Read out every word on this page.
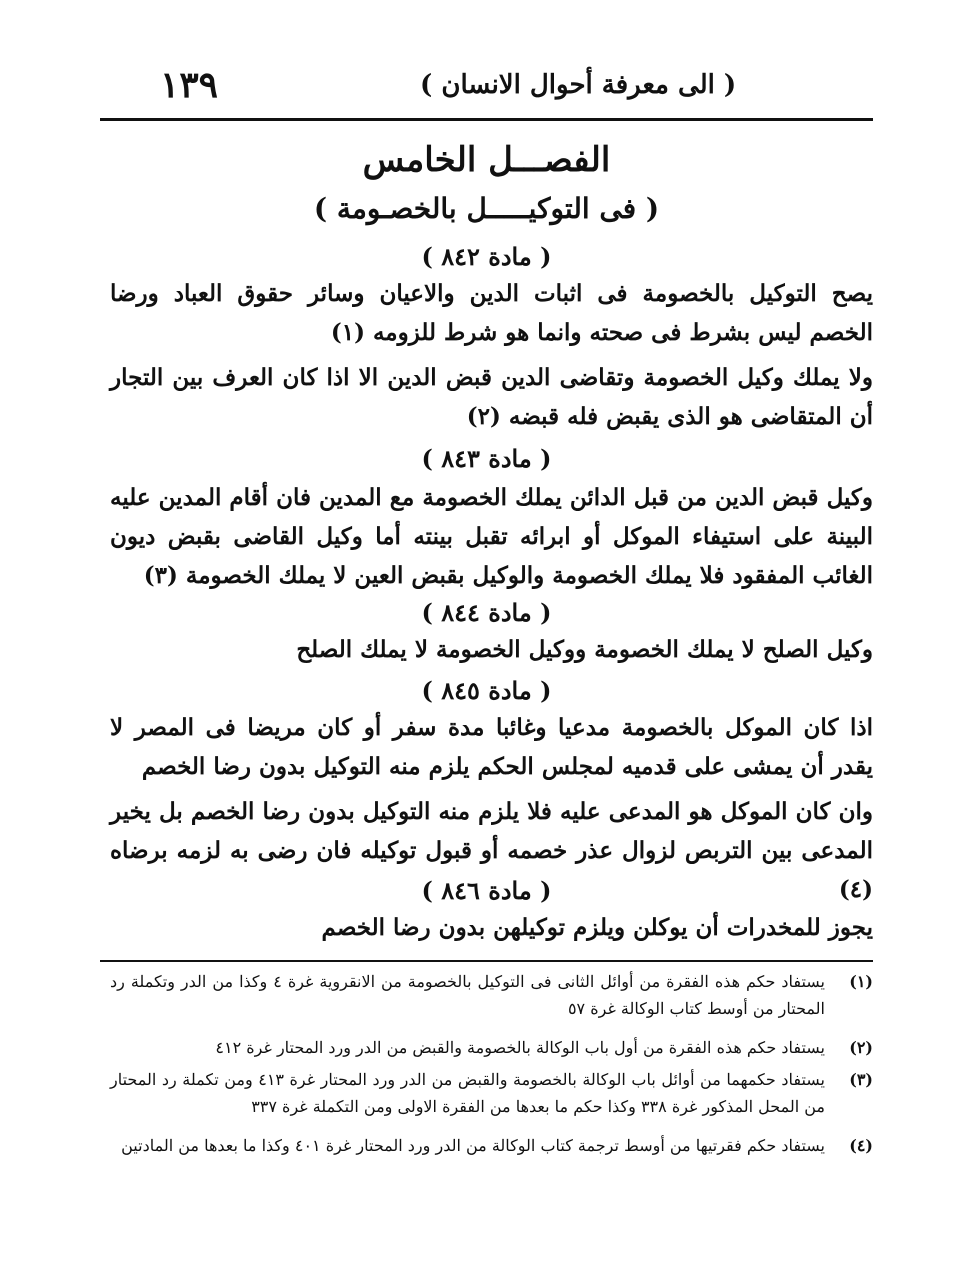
١٣٩	( الى معرفة أحوال الانسان )
الفصـــل الخامس
( فى التوكيـــــل بالخصـومة )
( مادة ٨٤٢ )

يصح التوكيل بالخصومة فى اثبات الدين والاعيان وسائر حقوق العباد ورضا الخصم ليس بشرط فى صحته وانما هو شرط للزومه (١)

ولا يملك وكيل الخصومة وتقاضى الدين قبض الدين الا اذا كان العرف بين التجار أن المتقاضى هو الذى يقبض فله قبضه (٢)

( مادة ٨٤٣ )

وكيل قبض الدين من قبل الدائن يملك الخصومة مع المدين فان أقام المدين عليه البينة على استيفاء الموكل أو ابرائه تقبل بينته أما وكيل القاضى بقبض ديون الغائب المفقود فلا يملك الخصومة والوكيل بقبض العين لا يملك الخصومة (٣)

( مادة ٨٤٤ )

وكيل الصلح لا يملك الخصومة ووكيل الخصومة لا يملك الصلح

( مادة ٨٤٥ )

اذا كان الموكل بالخصومة مدعيا وغائبا مدة سفر أو كان مريضا فى المصر لا يقدر أن يمشى على قدميه لمجلس الحكم يلزم منه التوكيل بدون رضا الخصم

وان كان الموكل هو المدعى عليه فلا يلزم منه التوكيل بدون رضا الخصم بل يخير المدعى بين التربص لزوال عذر خصمه أو قبول توكيله فان رضى به لزمه برضاه (٤)

( مادة ٨٤٦ )

يجوز للمخدرات أن يوكلن ويلزم توكيلهن بدون رضا الخصم

(١)
يستفاد حكم هذه الفقرة من أوائل الثانى فى التوكيل بالخصومة من الانقروية غرة ٤ وكذا من الدر وتكملة رد المحتار من أوسط كتاب الوكالة غرة ٥٧
(٢)
يستفاد حكم هذه الفقرة من أول باب الوكالة بالخصومة والقبض من الدر ورد المحتار غرة ٤١٢
(٣)
يستفاد حكمهما من أوائل باب الوكالة بالخصومة والقبض من الدر ورد المحتار غرة ٤١٣ ومن تكملة رد المحتار من المحل المذكور غرة ٣٣٨ وكذا حكم ما بعدها من الفقرة الاولى ومن التكملة غرة ٣٣٧
(٤)
يستفاد حكم فقرتيها من أوسط ترجمة كتاب الوكالة من الدر ورد المحتار غرة ٤٠١ وكذا ما بعدها من المادتين
